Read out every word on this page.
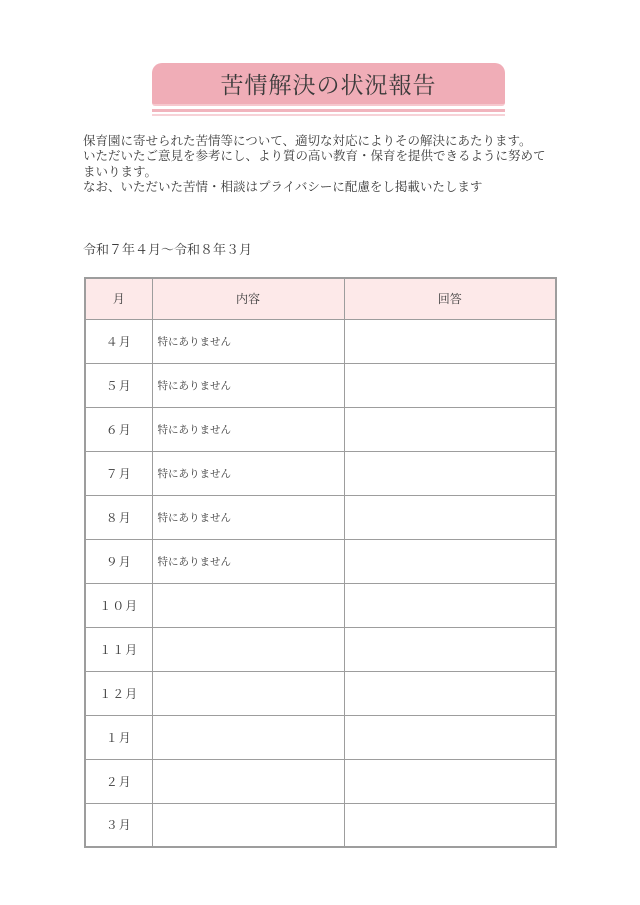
苦情解決の状況報告
保育園に寄せられた苦情等について、適切な対応によりその解決にあたります。
いただいたご意見を参考にし、より質の高い教育・保育を提供できるように努めて
まいります。
なお、いただいた苦情・相談はプライバシーに配慮をし掲載いたします
令和７年４月～令和８年３月
月	内容	回答
４月	特にありません	
５月	特にありません	
６月	特にありません	
７月	特にありません	
８月	特にありません	
９月	特にありません	
１０月		
１１月		
１２月		
１月		
２月		
３月		
